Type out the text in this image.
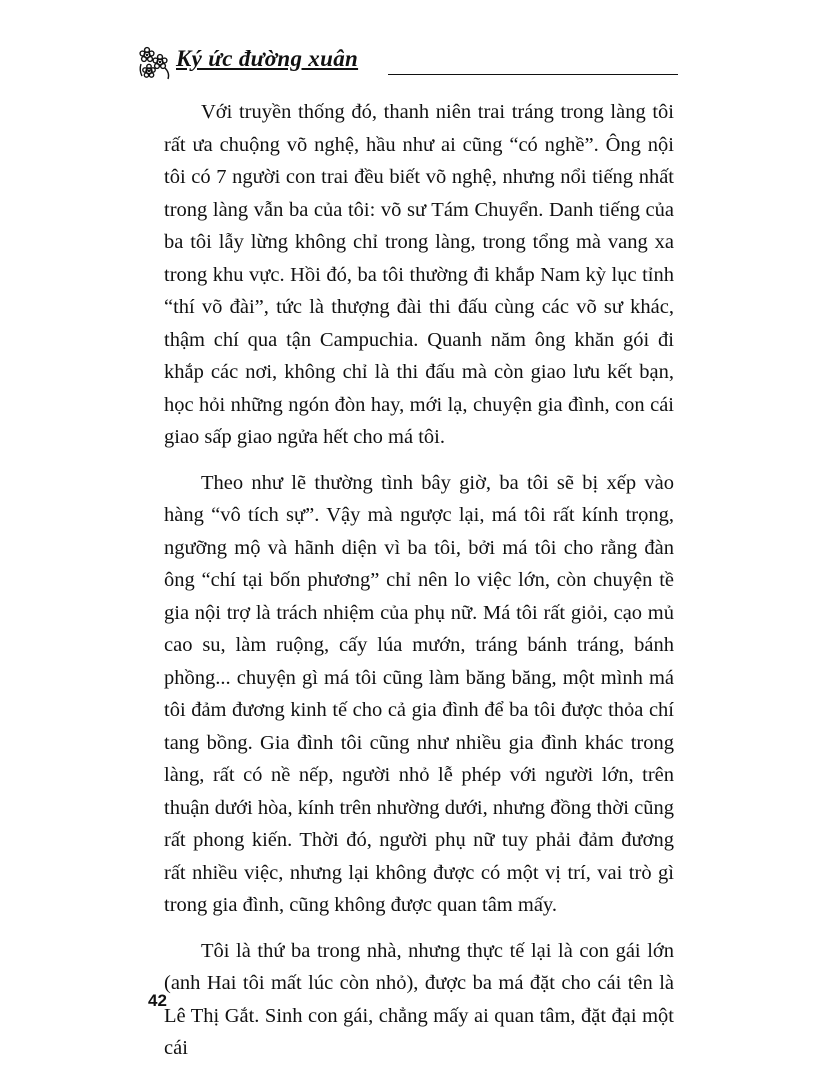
Ký ức đường xuân

Với truyền thống đó, thanh niên trai tráng trong làng tôi rất ưa chuộng võ nghệ, hầu như ai cũng “có nghề”. Ông nội tôi có 7 người con trai đều biết võ nghệ, nhưng nổi tiếng nhất trong làng vẫn ba của tôi: võ sư Tám Chuyển. Danh tiếng của ba tôi lẫy lừng không chỉ trong làng, trong tổng mà vang xa trong khu vực. Hồi đó, ba tôi thường đi khắp Nam kỳ lục tỉnh “thí võ đài”, tức là thượng đài thi đấu cùng các võ sư khác, thậm chí qua tận Campuchia. Quanh năm ông khăn gói đi khắp các nơi, không chỉ là thi đấu mà còn giao lưu kết bạn, học hỏi những ngón đòn hay, mới lạ, chuyện gia đình, con cái giao sấp giao ngửa hết cho má tôi.

Theo như lẽ thường tình bây giờ, ba tôi sẽ bị xếp vào hàng “vô tích sự”. Vậy mà ngược lại, má tôi rất kính trọng, ngưỡng mộ và hãnh diện vì ba tôi, bởi má tôi cho rằng đàn ông “chí tại bốn phương” chỉ nên lo việc lớn, còn chuyện tề gia nội trợ là trách nhiệm của phụ nữ. Má tôi rất giỏi, cạo mủ cao su, làm ruộng, cấy lúa mướn, tráng bánh tráng, bánh phồng... chuyện gì má tôi cũng làm băng băng, một mình má tôi đảm đương kinh tế cho cả gia đình để ba tôi được thỏa chí tang bồng. Gia đình tôi cũng như nhiều gia đình khác trong làng, rất có nề nếp, người nhỏ lễ phép với người lớn, trên thuận dưới hòa, kính trên nhường dưới, nhưng đồng thời cũng rất phong kiến. Thời đó, người phụ nữ tuy phải đảm đương rất nhiều việc, nhưng lại không được có một vị trí, vai trò gì trong gia đình, cũng không được quan tâm mấy.

Tôi là thứ ba trong nhà, nhưng thực tế lại là con gái lớn (anh Hai tôi mất lúc còn nhỏ), được ba má đặt cho cái tên là Lê Thị Gắt. Sinh con gái, chẳng mấy ai quan tâm, đặt đại một cái

42
